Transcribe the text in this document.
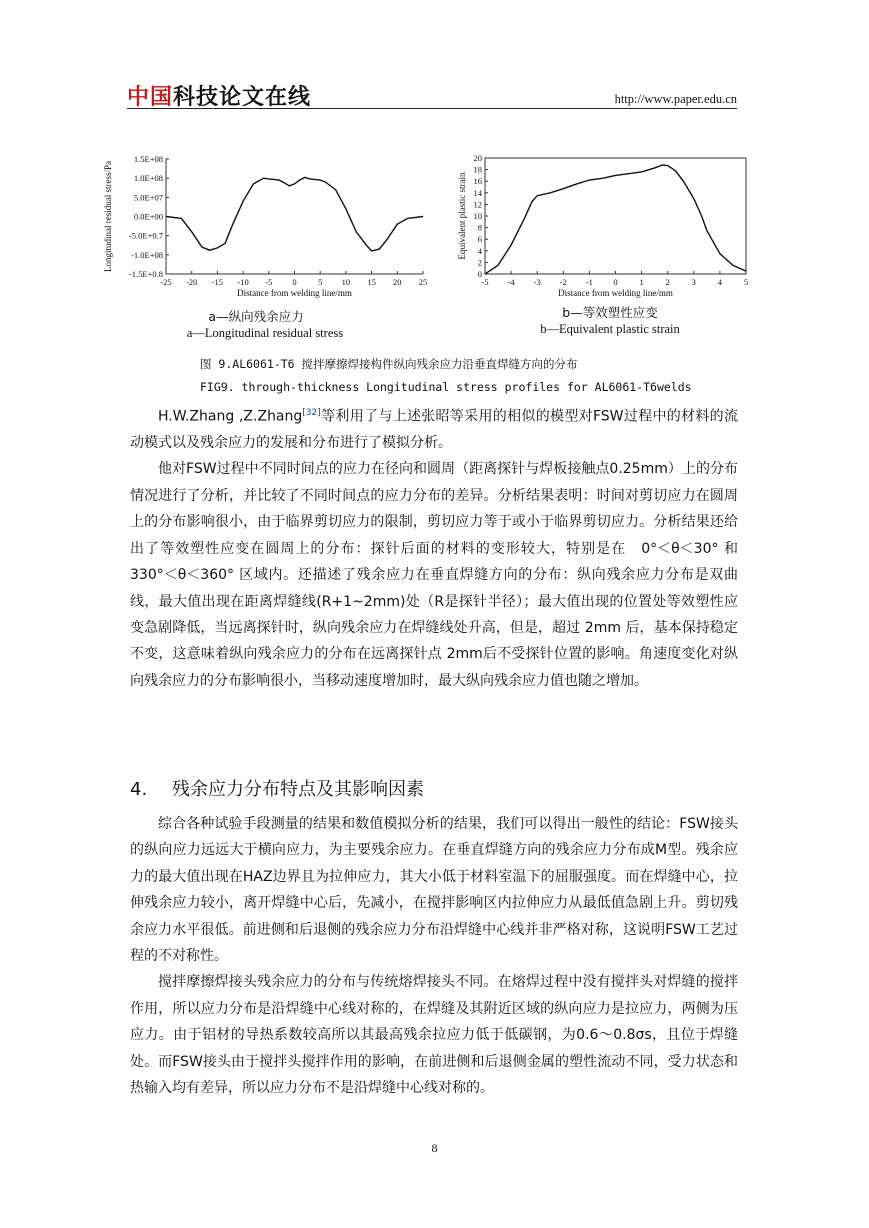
中国科技论文在线	http://www.paper.edu.cn
-25 -20 -15 -10 -5 0	5 10 15 20 25
1.5E+08
1.0E+08
5.0E+07
0.0E+00
-5.0E+0.7
-1.0E+08
-1.5E+0.8
Distance from welding line/mm
Longitudinal residual stress/Pa
-5 -4 -3 -2 -1 0	1	2	3	4	5
20
18
16
14
12
10
8
6
4
2
0
Distance from welding line/mm
Equivalent plastic strain
a—纵向残余应力
a—Longitudinal residual stress
b—等效塑性应变
b—Equivalent plastic strain
图 9.AL6061-T6 搅拌摩擦焊接构件纵向残余应力沿垂直焊缝方向的分布
FIG9. through-thickness Longitudinal stress profiles for AL6061-T6welds

H.W.Zhang ,Z.Zhang[32]等利用了与上述张昭等采用的相似的模型对FSW过程中的材料的流动模式以及残余应力的发展和分布进行了模拟分析。

他对FSW过程中不同时间点的应力在径向和圆周（距离探针与焊板接触点0.25mm）上的分布情况进行了分析，并比较了不同时间点的应力分布的差异。分析结果表明：时间对剪切应力在圆周上的分布影响很小，由于临界剪切应力的限制，剪切应力等于或小于临界剪切应力。分析结果还给出了等效塑性应变在圆周上的分布：探针后面的材料的变形较大，特别是在　0°＜θ＜30° 和 330°＜θ＜360° 区域内。还描述了残余应力在垂直焊缝方向的分布：纵向残余应力分布是双曲线，最大值出现在距离焊缝线(R+1~2mm)处（R是探针半径）；最大值出现的位置处等效塑性应变急剧降低，当远离探针时，纵向残余应力在焊缝线处升高，但是，超过 2mm 后，基本保持稳定不变，这意味着纵向残余应力的分布在远离探针点 2mm后不受探针位置的影响。角速度变化对纵向残余应力的分布影响很小，当移动速度增加时，最大纵向残余应力值也随之增加。

4. 残余应力分布特点及其影响因素

综合各种试验手段测量的结果和数值模拟分析的结果，我们可以得出一般性的结论：FSW接头的纵向应力远远大于横向应力，为主要残余应力。在垂直焊缝方向的残余应力分布成M型。残余应力的最大值出现在HAZ边界且为拉伸应力，其大小低于材料室温下的屈服强度。而在焊缝中心，拉伸残余应力较小，离开焊缝中心后，先减小，在搅拌影响区内拉伸应力从最低值急剧上升。剪切残余应力水平很低。前进侧和后退侧的残余应力分布沿焊缝中心线并非严格对称，这说明FSW工艺过程的不对称性。

搅拌摩擦焊接头残余应力的分布与传统熔焊接头不同。在熔焊过程中没有搅拌头对焊缝的搅拌作用，所以应力分布是沿焊缝中心线对称的，在焊缝及其附近区域的纵向应力是拉应力，两侧为压应力。由于铝材的导热系数较高所以其最高残余拉应力低于低碳钢，为0.6～0.8σs，且位于焊缝处。而FSW接头由于搅拌头搅拌作用的影响，在前进侧和后退侧金属的塑性流动不同，受力状态和热输入均有差异，所以应力分布不是沿焊缝中心线对称的。

8
